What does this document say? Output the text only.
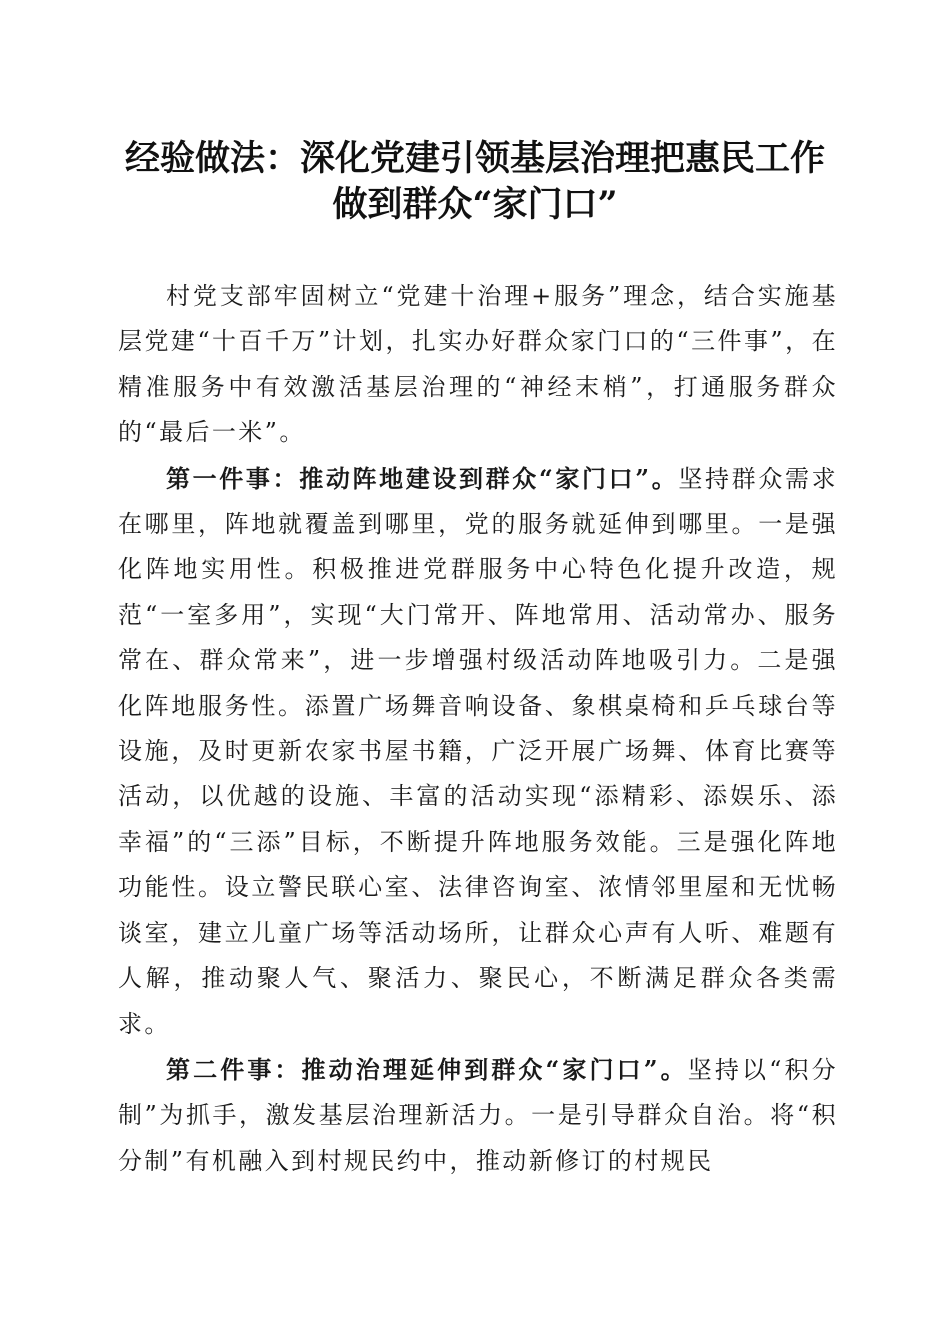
经验做法：深化党建引领基层治理把惠民工作
做到群众“家门口”

村党支部牢固树立“党建十治理+服务”理念，结合实施基层党建“十百千万”计划，扎实办好群众家门口的“三件事”，在精准服务中有效激活基层治理的“神经末梢”，打通服务群众的“最后一米”。

第一件事：推动阵地建设到群众“家门口”。坚持群众需求在哪里，阵地就覆盖到哪里，党的服务就延伸到哪里。一是强化阵地实用性。积极推进党群服务中心特色化提升改造，规范“一室多用”，实现“大门常开、阵地常用、活动常办、服务常在、群众常来”，进一步增强村级活动阵地吸引力。二是强化阵地服务性。添置广场舞音响设备、象棋桌椅和乒乓球台等设施，及时更新农家书屋书籍，广泛开展广场舞、体育比赛等活动，以优越的设施、丰富的活动实现“添精彩、添娱乐、添幸福”的“三添”目标，不断提升阵地服务效能。三是强化阵地功能性。设立警民联心室、法律咨询室、浓情邻里屋和无忧畅谈室，建立儿童广场等活动场所，让群众心声有人听、难题有人解，推动聚人气、聚活力、聚民心，不断满足群众各类需求。

第二件事：推动治理延伸到群众“家门口”。坚持以“积分制”为抓手，激发基层治理新活力。一是引导群众自治。将“积分制”有机融入到村规民约中，推动新修订的村规民
